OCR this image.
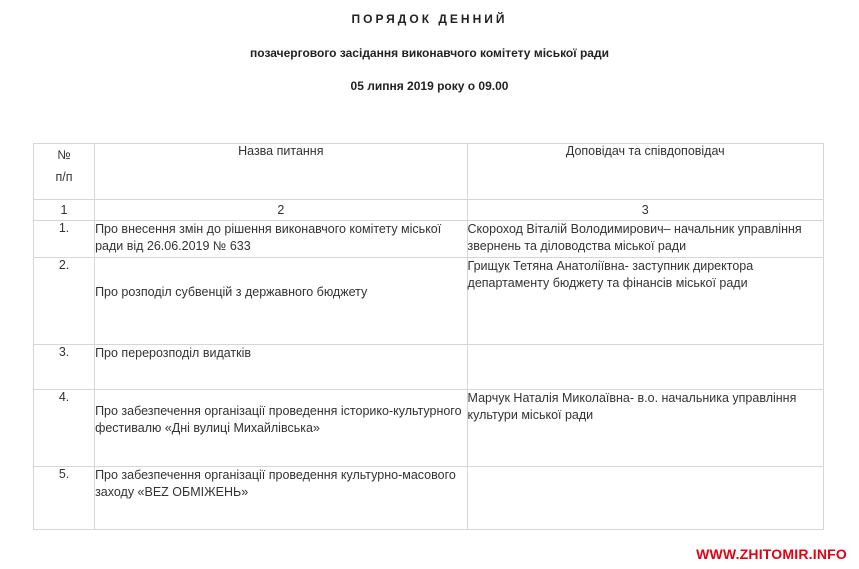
ПОРЯДОК ДЕННИЙ
позачергового засідання виконавчого комітету міської ради
05 липня 2019 року о 09.00
№
п/п	Назва питання	Доповідач та співдоповідач
1	2	3
1.	Про внесення змін до рішення виконавчого комітету міської ради від 26.06.2019 № 633	Скороход Віталій Володимирович– начальник управління звернень та діловодства міської ради
2.	Про розподіл субвенцій з державного бюджету	Грищук Тетяна Анатоліївна- заступник директора департаменту бюджету та фінансів міської ради
3.	Про перерозподіл видатків	
4.	Про забезпечення організації проведення історико-культурного фестивалю «Дні вулиці Михайлівська»	Марчук Наталія Миколаївна- в.о. начальника управління культури міської ради
5.	Про забезпечення організації проведення культурно-масового заходу «BEZ ОБМІЖЕНЬ»	
WWW.ZHITOMIR.INFO
